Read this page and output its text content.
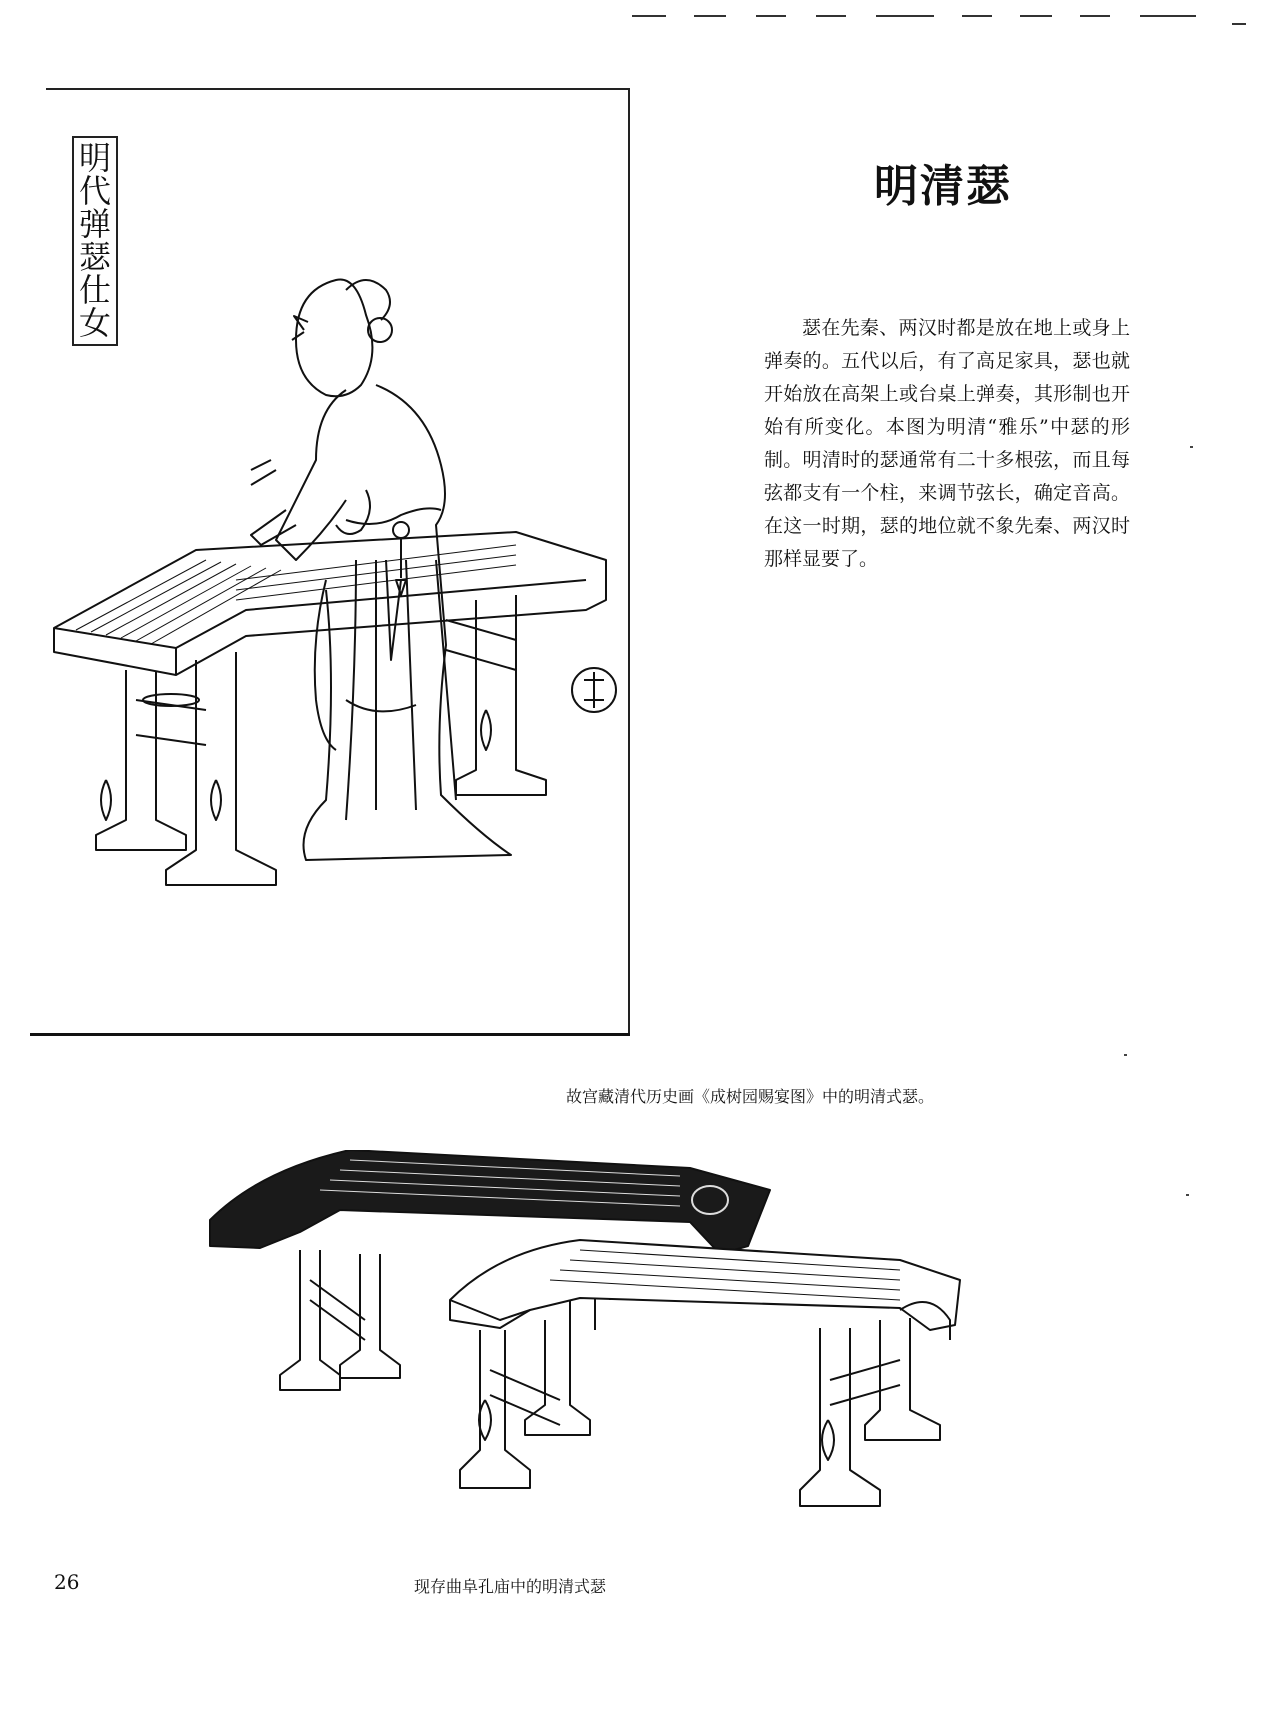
明
代
弹
瑟
仕
女
明清瑟
瑟在先秦、两汉时都是放在地上或身上弹奏的。五代以后，有了高足家具，瑟也就开始放在高架上或台桌上弹奏，其形制也开始有所变化。本图为明清“雅乐”中瑟的形制。明清时的瑟通常有二十多根弦，而且每弦都支有一个柱，来调节弦长，确定音高。在这一时期，瑟的地位就不象先秦、两汉时那样显要了。
故宫藏清代历史画《成树园赐宴图》中的明清式瑟。
26	现存曲阜孔庙中的明清式瑟
